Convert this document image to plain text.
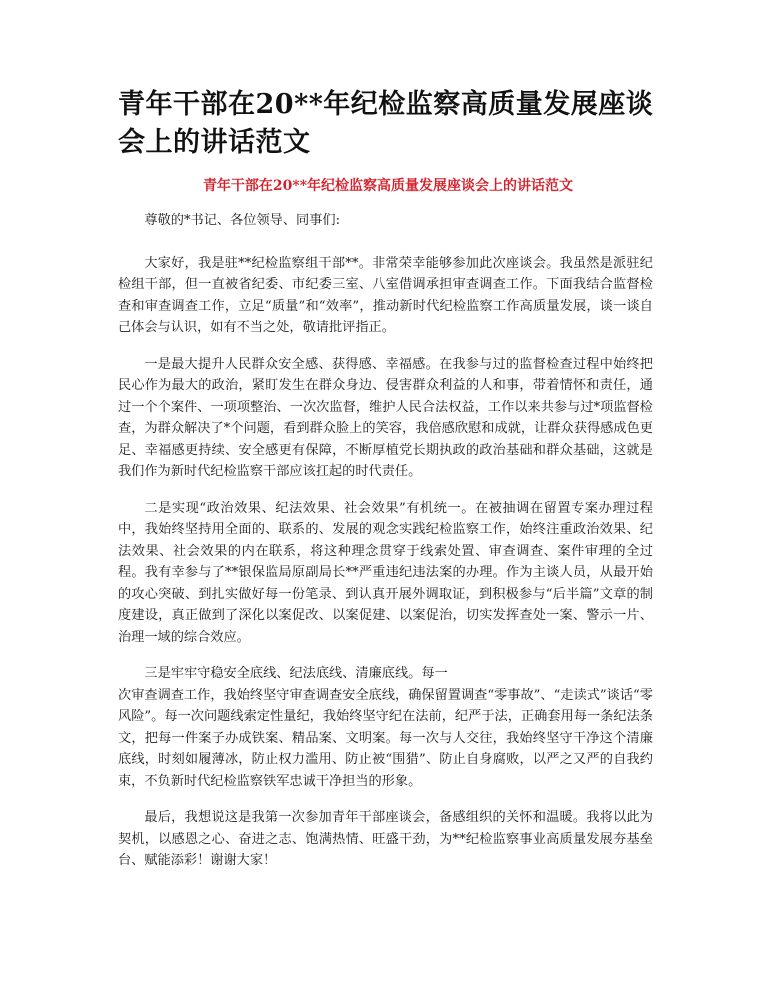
青年干部在20**年纪检监察高质量发展座谈会上的讲话范文
青年干部在20**年纪检监察高质量发展座谈会上的讲话范文

尊敬的*书记、各位领导、同事们:

大家好，我是驻**纪检监察组干部**。非常荣幸能够参加此次座谈会。我虽然是派驻纪检组干部，但一直被省纪委、市纪委三室、八室借调承担审查调查工作。下面我结合监督检查和审查调查工作，立足“质量”和“效率”，推动新时代纪检监察工作高质量发展，谈一谈自己体会与认识，如有不当之处，敬请批评指正。

一是最大提升人民群众安全感、获得感、幸福感。在我参与过的监督检查过程中始终把民心作为最大的政治，紧盯发生在群众身边、侵害群众利益的人和事，带着情怀和责任，通过一个个案件、一项项整治、一次次监督，维护人民合法权益，工作以来共参与过*项监督检查，为群众解决了*个问题，看到群众脸上的笑容，我倍感欣慰和成就，让群众获得感成色更足、幸福感更持续、安全感更有保障，不断厚植党长期执政的政治基础和群众基础，这就是我们作为新时代纪检监察干部应该扛起的时代责任。

二是实现“政治效果、纪法效果、社会效果”有机统一。在被抽调在留置专案办理过程中，我始终坚持用全面的、联系的、发展的观念实践纪检监察工作，始终注重政治效果、纪法效果、社会效果的内在联系，将这种理念贯穿于线索处置、审查调查、案件审理的全过程。我有幸参与了**银保监局原副局长**严重违纪违法案的办理。作为主谈人员，从最开始的攻心突破、到扎实做好每一份笔录、到认真开展外调取证，到积极参与“后半篇”文章的制度建设，真正做到了深化以案促改、以案促建、以案促治，切实发挥查处一案、警示一片、治理一域的综合效应。

三是牢牢守稳安全底线、纪法底线、清廉底线。每一

次审查调查工作，我始终坚守审查调查安全底线，确保留置调查“零事故”、“走读式”谈话“零风险”。每一次问题线索定性量纪，我始终坚守纪在法前，纪严于法，正确套用每一条纪法条文，把每一件案子办成铁案、精品案、文明案。每一次与人交往，我始终坚守干净这个清廉底线，时刻如履薄冰，防止权力滥用、防止被“围猎”、防止自身腐败，以严之又严的自我约束，不负新时代纪检监察铁军忠诚干净担当的形象。

最后，我想说这是我第一次参加青年干部座谈会，备感组织的关怀和温暖。我将以此为契机，以感恩之心、奋进之志、饱满热情、旺盛干劲，为**纪检监察事业高质量发展夯基垒台、赋能添彩！谢谢大家！
